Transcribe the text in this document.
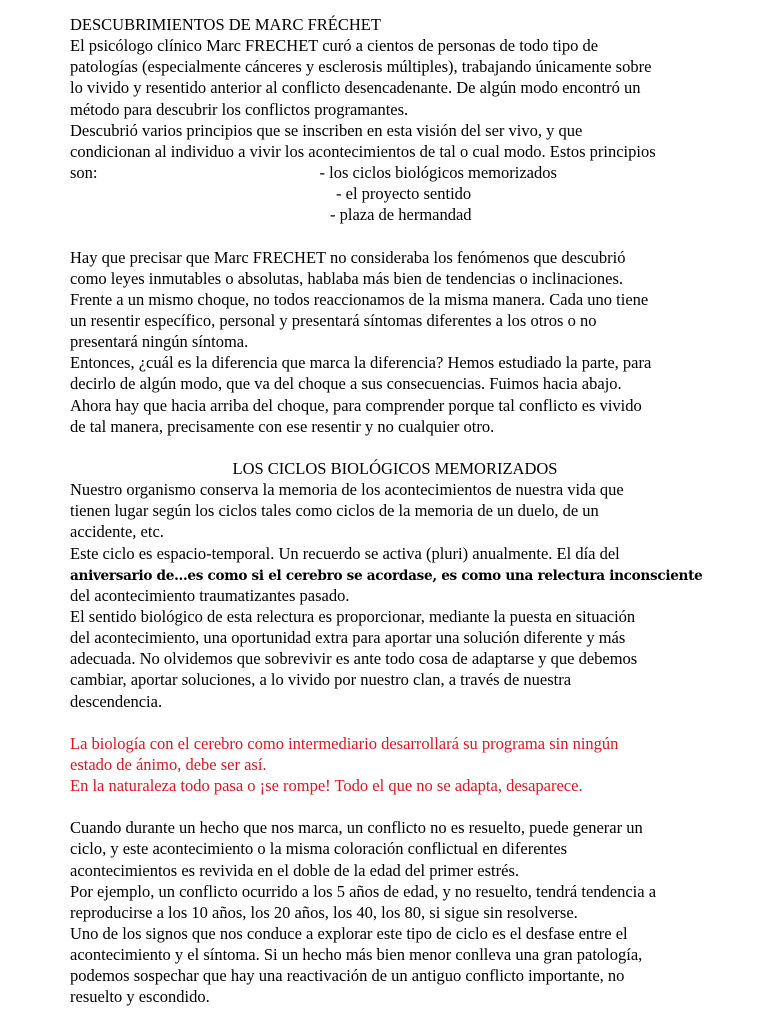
DESCUBRIMIENTOS DE MARC FRÉCHET

El psicólogo clínico Marc FRECHET curó a cientos de personas de todo tipo de

patologías (especialmente cánceres y esclerosis múltiples), trabajando únicamente sobre

lo vivido y resentido anterior al conflicto desencadenante. De algún modo encontró un

método para descubrir los conflictos programantes.

Descubrió varios principios que se inscriben en esta visión del ser vivo, y que

condicionan al individuo a vivir los acontecimientos de tal o cual modo. Estos principios

son:	- los ciclos biológicos memorizados

- el proyecto sentido

- plaza de hermandad

Hay que precisar que Marc FRECHET no consideraba los fenómenos que descubrió

como leyes inmutables o absolutas, hablaba más bien de tendencias o inclinaciones.

Frente a un mismo choque, no todos reaccionamos de la misma manera. Cada uno tiene

un resentir específico, personal y presentará síntomas diferentes a los otros o no

presentará ningún síntoma.

Entonces, ¿cuál es la diferencia que marca la diferencia? Hemos estudiado la parte, para

decirlo de algún modo, que va del choque a sus consecuencias. Fuimos hacia abajo.

Ahora hay que hacia arriba del choque, para comprender porque tal conflicto es vivido

de tal manera, precisamente con ese resentir y no cualquier otro.

LOS CICLOS BIOLÓGICOS MEMORIZADOS

Nuestro organismo conserva la memoria de los acontecimientos de nuestra vida que

tienen lugar según los ciclos tales como ciclos de la memoria de un duelo, de un

accidente, etc.

Este ciclo es espacio-temporal. Un recuerdo se activa (pluri) anualmente. El día del

aniversario de…es como si el cerebro se acordase, es como una relectura inconsciente

del acontecimiento traumatizantes pasado.

El sentido biológico de esta relectura es proporcionar, mediante la puesta en situación

del acontecimiento, una oportunidad extra para aportar una solución diferente y más

adecuada. No olvidemos que sobrevivir es ante todo cosa de adaptarse y que debemos

cambiar, aportar soluciones, a lo vivido por nuestro clan, a través de nuestra

descendencia.

La biología con el cerebro como intermediario desarrollará su programa sin ningún

estado de ánimo, debe ser así.

En la naturaleza todo pasa o ¡se rompe! Todo el que no se adapta, desaparece.

Cuando durante un hecho que nos marca, un conflicto no es resuelto, puede generar un

ciclo, y este acontecimiento o la misma coloración conflictual en diferentes

acontecimientos es revivida en el doble de la edad del primer estrés.

Por ejemplo, un conflicto ocurrido a los 5 años de edad, y no resuelto, tendrá tendencia a

reproducirse a los 10 años, los 20 años, los 40, los 80, si sigue sin resolverse.

Uno de los signos que nos conduce a explorar este tipo de ciclo es el desfase entre el

acontecimiento y el síntoma. Si un hecho más bien menor conlleva una gran patología,

podemos sospechar que hay una reactivación de un antiguo conflicto importante, no

resuelto y escondido.
